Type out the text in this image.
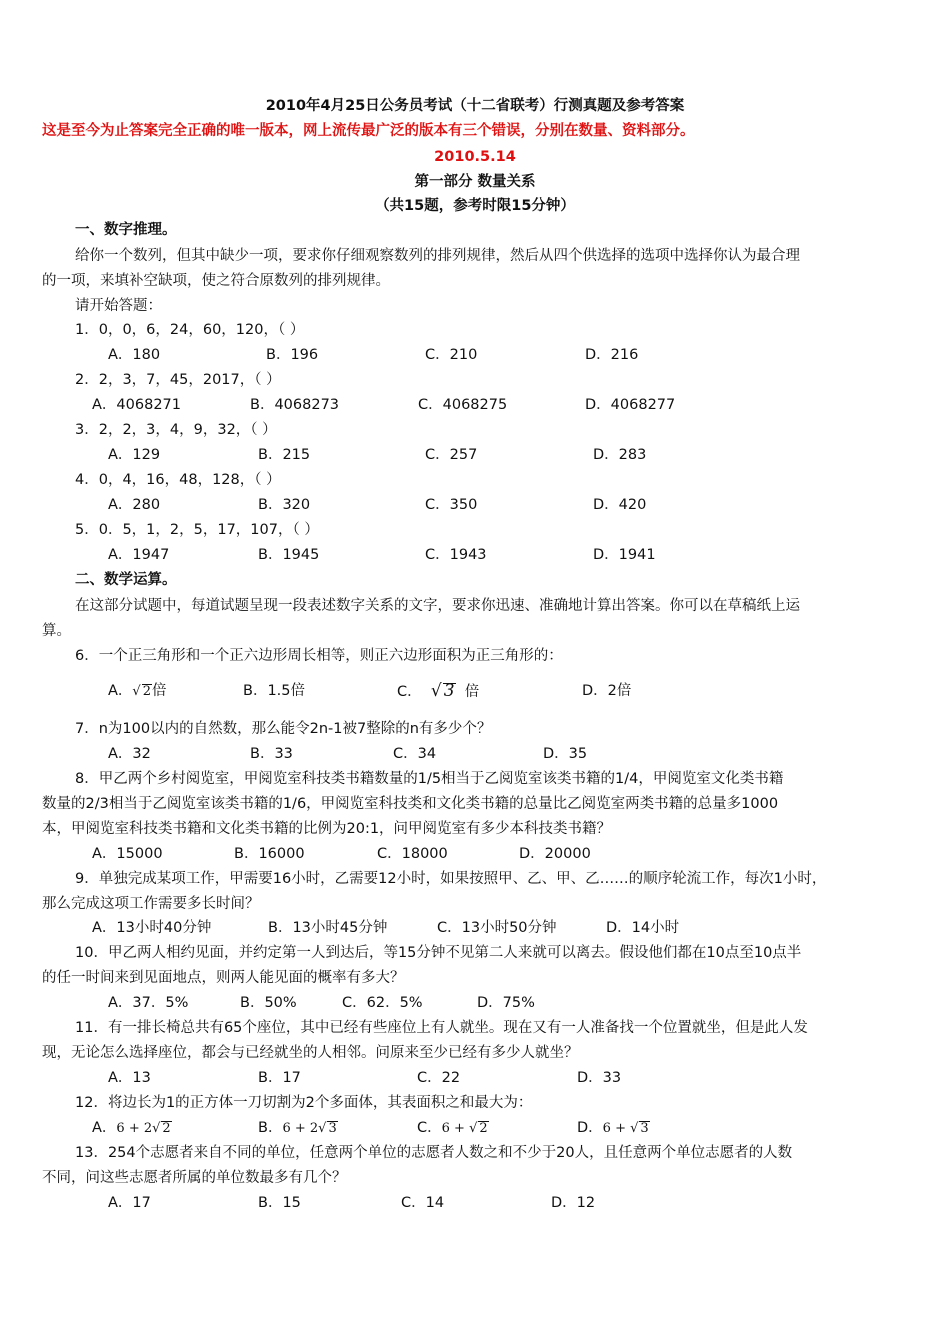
2010年4月25日公务员考试（十二省联考）行测真题及参考答案
这是至今为止答案完全正确的唯一版本，网上流传最广泛的版本有三个错误，分别在数量、资料部分。
2010.5.14
第一部分 数量关系
（共15题，参考时限15分钟）
一、数字推理。
给你一个数列，但其中缺少一项，要求你仔细观察数列的排列规律，然后从四个供选择的选项中选择你认为最合理
的一项，来填补空缺项，使之符合原数列的排列规律。
请开始答题：
1．0，0，6，24，60，120，（ ）
A．180	B．196	C．210	D．216
2．2，3，7，45，2017，（ ）
A．4068271	B．4068273	C．4068275	D．4068277
3．2，2，3，4，9，32，（ ）
A．129	B．215	C．257	D．283
4．0，4，16，48，128，（ ）
A．280	B．320	C．350	D．420
5．0．5，1，2，5，17，107，（ ）
A．1947	B．1945	C．1943	D．1941
二、数学运算。
在这部分试题中，每道试题呈现一段表述数字关系的文字，要求你迅速、准确地计算出答案。你可以在草稿纸上运
算。
6．一个正三角形和一个正六边形周长相等，则正六边形面积为正三角形的：
A．√ 2倍	B．1.5倍	C． √ 3 倍	D．2倍
7．n为100以内的自然数，那么能令2n-1被7整除的n有多少个？
A．32	B．33	C．34	D．35
8．甲乙两个乡村阅览室，甲阅览室科技类书籍数量的1/5相当于乙阅览室该类书籍的1/4，甲阅览室文化类书籍
数量的2/3相当于乙阅览室该类书籍的1/6，甲阅览室科技类和文化类书籍的总量比乙阅览室两类书籍的总量多1000
本，甲阅览室科技类书籍和文化类书籍的比例为20:1，问甲阅览室有多少本科技类书籍？
A．15000	B．16000	C．18000	D．20000
9．单独完成某项工作，甲需要16小时，乙需要12小时，如果按照甲、乙、甲、乙……的顺序轮流工作，每次1小时，
那么完成这项工作需要多长时间？
A．13小时40分钟	B．13小时45分钟	C．13小时50分钟	D．14小时
10．甲乙两人相约见面，并约定第一人到达后，等15分钟不见第二人来就可以离去。假设他们都在10点至10点半
的任一时间来到见面地点，则两人能见面的概率有多大？
A．37．5%	B．50%	C．62．5%	D．75%
11．有一排长椅总共有65个座位，其中已经有些座位上有人就坐。现在又有一人准备找一个位置就坐，但是此人发
现，无论怎么选择座位，都会与已经就坐的人相邻。问原来至少已经有多少人就坐？
A．13	B．17	C．22	D．33
12．将边长为1的正方体一刀切割为2个多面体，其表面积之和最大为：
A．6 + 2√ 2	B．6 + 2√ 3	C．6 + √ 2	D．6 + √ 3
13．254个志愿者来自不同的单位，任意两个单位的志愿者人数之和不少于20人，且任意两个单位志愿者的人数
不同，问这些志愿者所属的单位数最多有几个？
A．17	B．15	C．14	D．12
